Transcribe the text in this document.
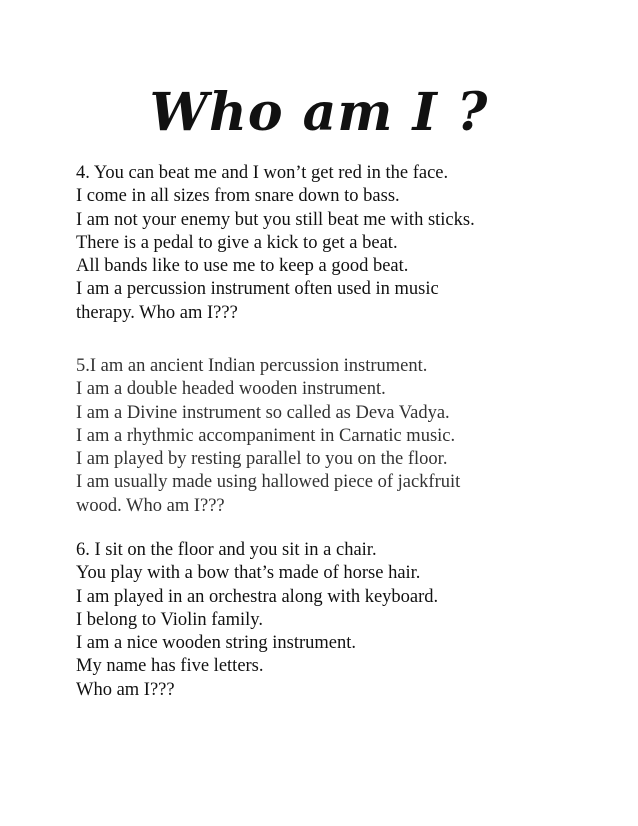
Who am I ?
4. You can beat me and I won’t get red in the face.
I come in all sizes from snare down to bass.
I am not your enemy but you still beat me with sticks.
There is a pedal to give a kick to get a beat.
All bands like to use me to keep a good beat.
I am a percussion instrument often used in music
therapy. Who am I???
5.I am an ancient Indian percussion instrument.
I am a double headed wooden instrument.
I am a Divine instrument so called as Deva Vadya.
I am a rhythmic accompaniment in Carnatic music.
I am played by resting parallel to you on the floor.
I am usually made using hallowed piece of jackfruit
wood. Who am I???
6. I sit on the floor and you sit in a chair.
You play with a bow that’s made of horse hair.
I am played in an orchestra along with keyboard.
I belong to Violin family.
I am a nice wooden string instrument.
My name has five letters.
Who am I???
